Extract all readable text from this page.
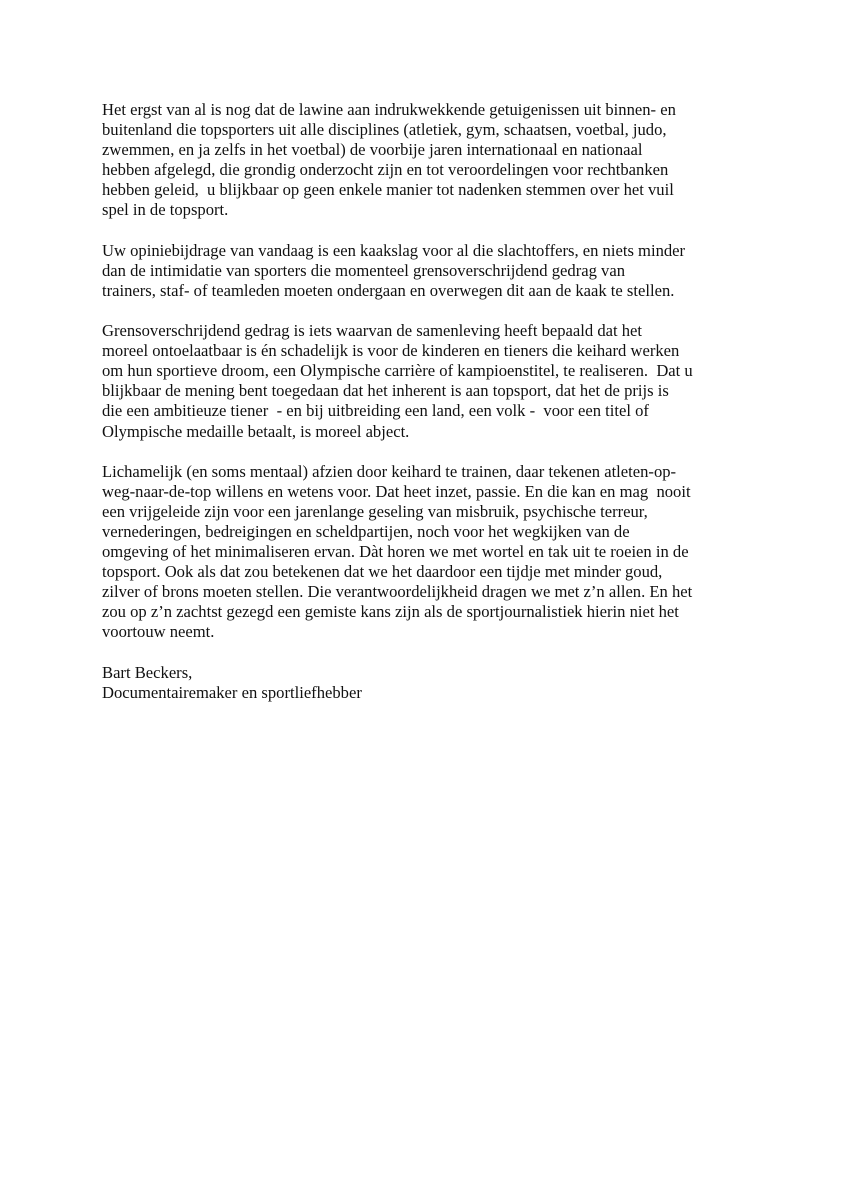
Het ergst van al is nog dat de lawine aan indrukwekkende getuigenissen uit binnen- en
buitenland die topsporters uit alle disciplines (atletiek, gym, schaatsen, voetbal, judo,
zwemmen, en ja zelfs in het voetbal) de voorbije jaren internationaal en nationaal
hebben afgelegd, die grondig onderzocht zijn en tot veroordelingen voor rechtbanken
hebben geleid,  u blijkbaar op geen enkele manier tot nadenken stemmen over het vuil
spel in de topsport.
Uw opiniebijdrage van vandaag is een kaakslag voor al die slachtoffers, en niets minder
dan de intimidatie van sporters die momenteel grensoverschrijdend gedrag van
trainers, staf- of teamleden moeten ondergaan en overwegen dit aan de kaak te stellen.
Grensoverschrijdend gedrag is iets waarvan de samenleving heeft bepaald dat het
moreel ontoelaatbaar is én schadelijk is voor de kinderen en tieners die keihard werken
om hun sportieve droom, een Olympische carrière of kampioenstitel, te realiseren.  Dat u
blijkbaar de mening bent toegedaan dat het inherent is aan topsport, dat het de prijs is
die een ambitieuze tiener  - en bij uitbreiding een land, een volk -  voor een titel of
Olympische medaille betaalt, is moreel abject.
Lichamelijk (en soms mentaal) afzien door keihard te trainen, daar tekenen atleten-op-
weg-naar-de-top willens en wetens voor. Dat heet inzet, passie. En die kan en mag  nooit
een vrijgeleide zijn voor een jarenlange geseling van misbruik, psychische terreur,
vernederingen, bedreigingen en scheldpartijen, noch voor het wegkijken van de
omgeving of het minimaliseren ervan. Dàt horen we met wortel en tak uit te roeien in de
topsport. Ook als dat zou betekenen dat we het daardoor een tijdje met minder goud,
zilver of brons moeten stellen. Die verantwoordelijkheid dragen we met z’n allen. En het
zou op z’n zachtst gezegd een gemiste kans zijn als de sportjournalistiek hierin niet het
voortouw neemt.
Bart Beckers,
Documentairemaker en sportliefhebber
